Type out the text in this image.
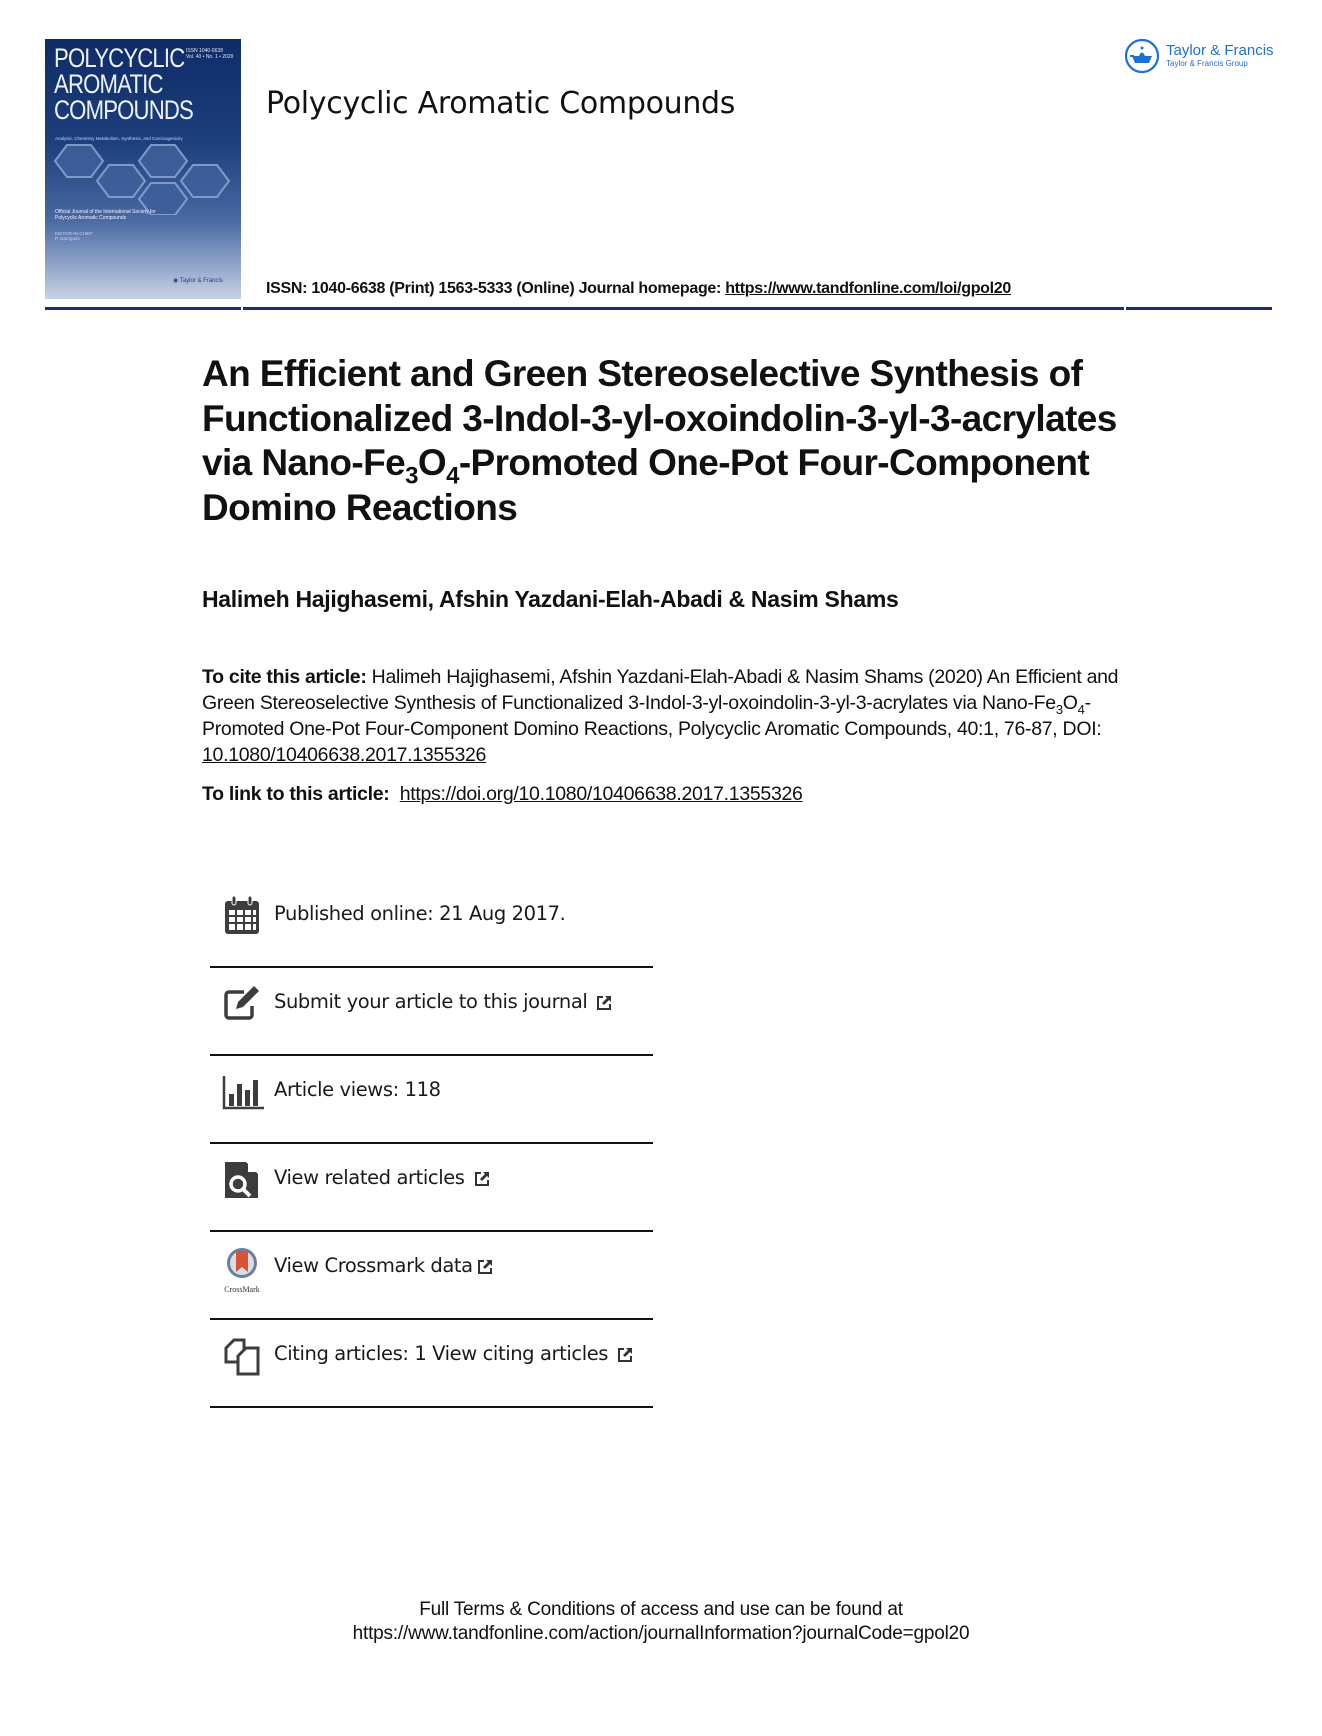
POLYCYCLIC
AROMATIC
COMPOUNDS
ISSN 1040-6638
Vol. 40 • No. 1 • 2020
Analysis, Chemistry Metabolism, Synthesis, and Carcinogenicity
Official Journal of the International Society for Polycyclic Aromatic Compounds
EDITOR-IN-CHIEF
P. Garrigues
◉ Taylor & Francis
Polycyclic Aromatic Compounds
Taylor & Francis
Taylor & Francis Group
ISSN: 1040-6638 (Print) 1563-5333 (Online) Journal homepage: https://www.tandfonline.com/loi/gpol20
An Efficient and Green Stereoselective Synthesis of Functionalized 3-Indol-3-yl-oxoindolin-3-yl-3-acrylates via Nano-$Fe_3O_4$-Promoted One-Pot Four-Component Domino Reactions
Halimeh Hajighasemi, Afshin Yazdani-Elah-Abadi & Nasim Shams
To cite this article: Halimeh Hajighasemi, Afshin Yazdani-Elah-Abadi & Nasim Shams (2020) An Efficient and Green Stereoselective Synthesis of Functionalized 3-Indol-3-yl-oxoindolin-3-yl-3-acrylates via Nano-$Fe_3O_4$-Promoted One-Pot Four-Component Domino Reactions, Polycyclic Aromatic Compounds, 40:1, 76-87, DOI: 10.1080/10406638.2017.1355326
To link to this article: https://doi.org/10.1080/10406638.2017.1355326
Published online: 21 Aug 2017.
Submit your article to this journal
Article views: 118
View related articles
CrossMark
View Crossmark data
Citing articles: 1 View citing articles
Full Terms & Conditions of access and use can be found at
https://www.tandfonline.com/action/journalInformation?journalCode=gpol20
